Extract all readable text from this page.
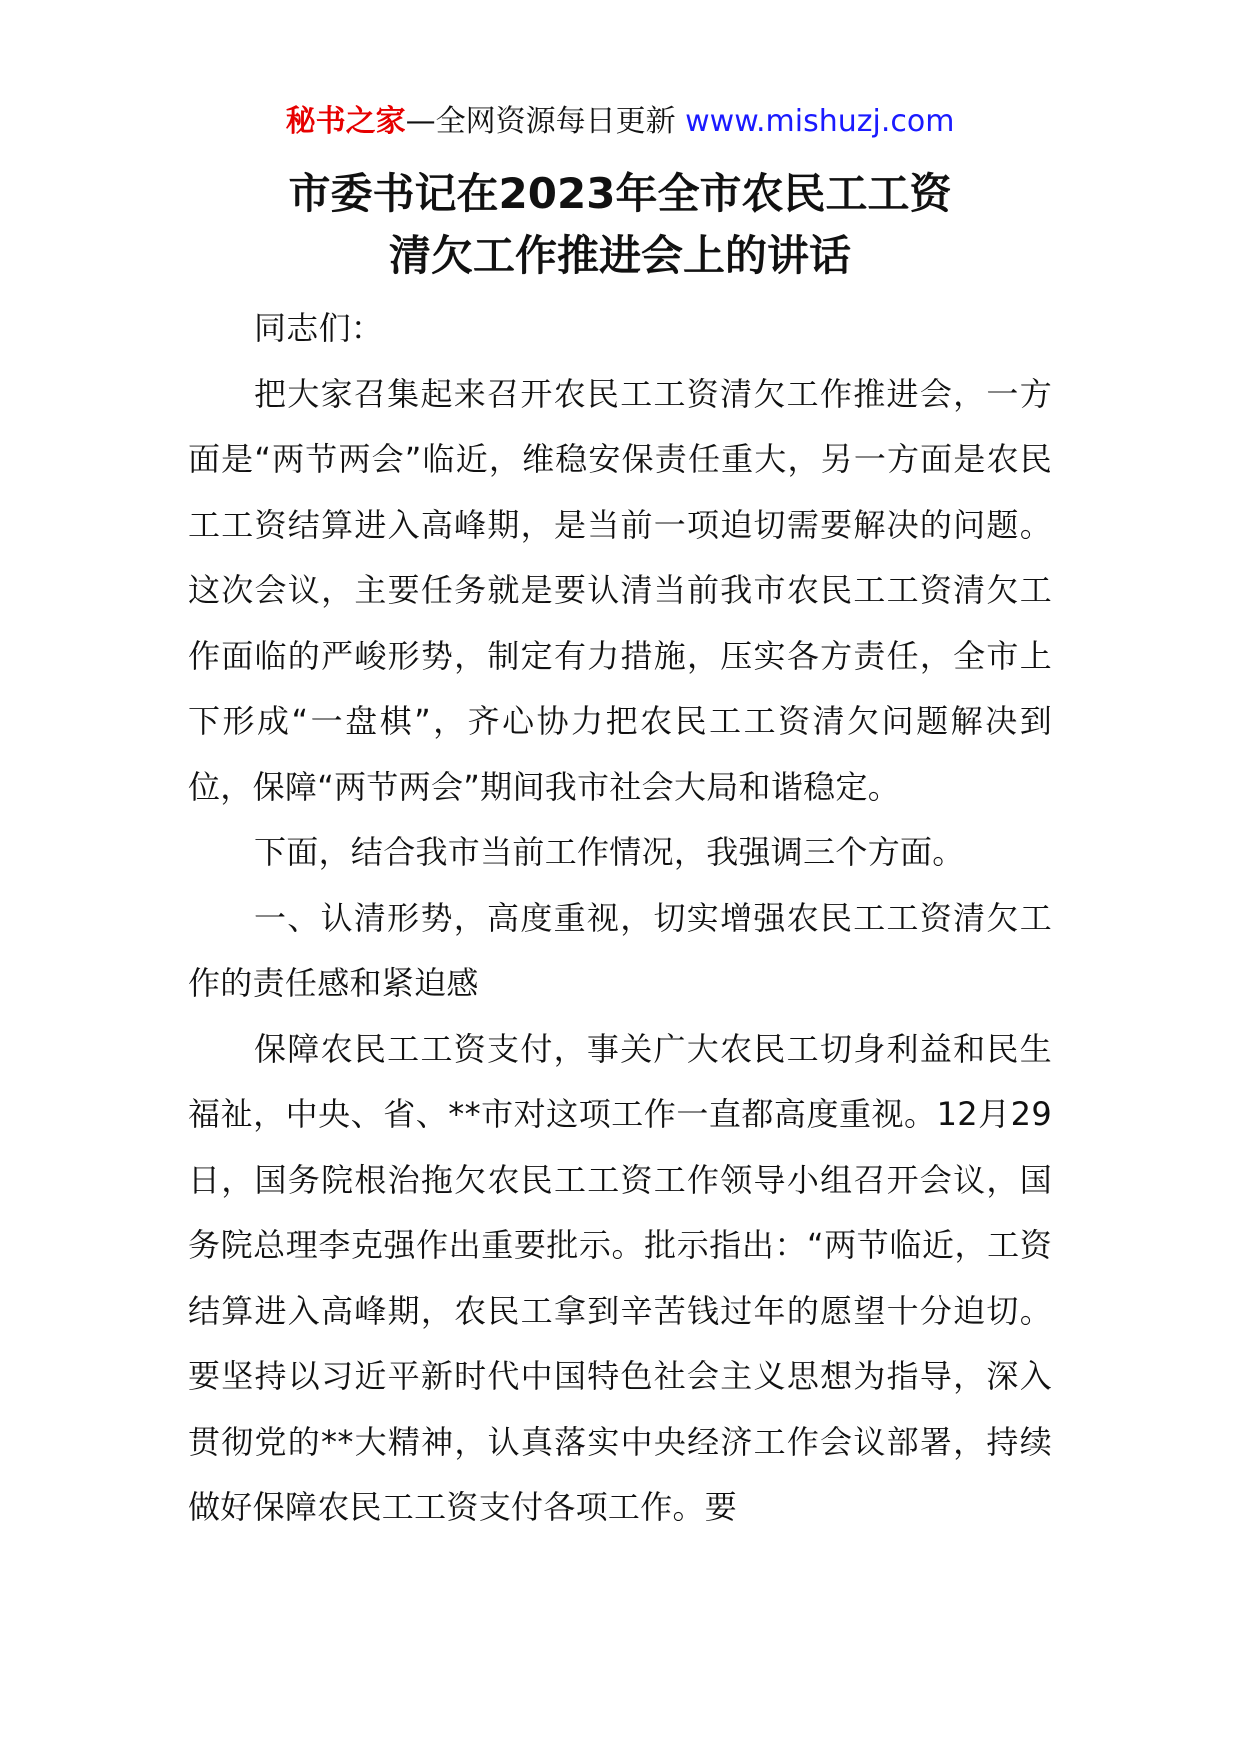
秘书之家—全网资源每日更新 www.mishuzj.com
市委书记在2023年全市农民工工资
清欠工作推进会上的讲话

同志们：

把大家召集起来召开农民工工资清欠工作推进会，一方面是“两节两会”临近，维稳安保责任重大，另一方面是农民工工资结算进入高峰期，是当前一项迫切需要解决的问题。这次会议，主要任务就是要认清当前我市农民工工资清欠工作面临的严峻形势，制定有力措施，压实各方责任，全市上下形成“一盘棋”，齐心协力把农民工工资清欠问题解决到位，保障“两节两会”期间我市社会大局和谐稳定。

下面，结合我市当前工作情况，我强调三个方面。

一、认清形势，高度重视，切实增强农民工工资清欠工作的责任感和紧迫感

保障农民工工资支付，事关广大农民工切身利益和民生福祉，中央、省、**市对这项工作一直都高度重视。12月29日，国务院根治拖欠农民工工资工作领导小组召开会议，国务院总理李克强作出重要批示。批示指出：“两节临近，工资结算进入高峰期，农民工拿到辛苦钱过年的愿望十分迫切。要坚持以习近平新时代中国特色社会主义思想为指导，深入贯彻党的**大精神，认真落实中央经济工作会议部署，持续做好保障农民工工资支付各项工作。要
